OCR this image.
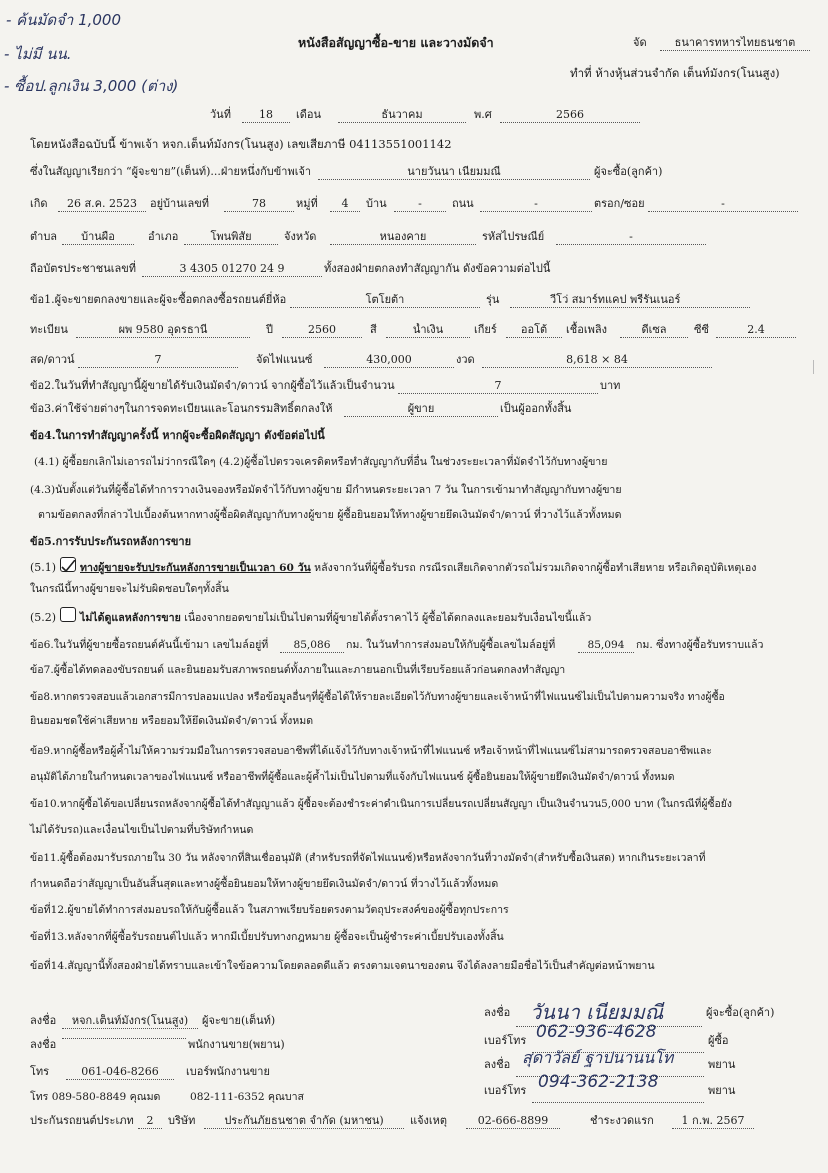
- ค้นมัดจำ 1,000
- ไม่มี นน.
- ซื้อป.ลูกเงิน 3,000 (ต่าง)
หนังสือสัญญาซื้อ-ขาย และวางมัดจำ	จัด	ธนาคารทหารไทยธนชาต
ทำที่ ห้างหุ้นส่วนจำกัด เต็นท์มังกร(โนนสูง)
วันที่	18	เดือน	ธันวาคม	พ.ศ	2566
โดยหนังสือฉบับนี้ ข้าพเจ้า หจก.เต็นท์มังกร(โนนสูง) เลขเสียภาษี 04113551001142
ซึ่งในสัญญาเรียกว่า “ผู้จะขาย”(เต็นท์)...ฝ่ายหนึ่งกับข้าพเจ้า	นายวันนา เนียมมณี	ผู้จะซื้อ(ลูกค้า)
เกิด	26 ส.ค. 2523	อยู่บ้านเลขที่	78	หมู่ที่	4	บ้าน	-	ถนน	-	ตรอก/ซอย	-
ตำบล	บ้านผือ	อำเภอ	โพนพิสัย	จังหวัด	หนองคาย	รหัสไปรษณีย์	-
ถือบัตรประชาชนเลขที่	3 4305 01270 24 9	ทั้งสองฝ่ายตกลงทำสัญญากัน ดังข้อความต่อไปนี้
ข้อ1.ผู้จะขายตกลงขายและผู้จะซื้อตกลงซื้อรถยนต์ยี่ห้อ	โตโยต้า	รุ่น	วีโว่ สมาร์ทแคป พรีรันเนอร์
ทะเบียน	ผพ 9580 อุดรธานี	ปี	2560	สี	น้ำเงิน	เกียร์	ออโต้	เชื้อเพลิง	ดีเซล	ซีซี	2.4
สด/ดาวน์	7	จัดไฟแนนซ์	430,000	งวด	8,618 × 84
ข้อ2.ในวันที่ทำสัญญานี้ผู้ขายได้รับเงินมัดจำ/ดาวน์ จากผู้ซื้อไว้แล้วเป็นจำนวน	7	บาท
ข้อ3.ค่าใช้จ่ายต่างๆในการจดทะเบียนและโอนกรรมสิทธิ์ตกลงให้	ผู้ขาย	เป็นผู้ออกทั้งสิ้น
ข้อ4.ในการทำสัญญาครั้งนี้ หากผู้จะซื้อผิดสัญญา ดังข้อต่อไปนี้
(4.1) ผู้ซื้อยกเลิกไม่เอารถไม่ว่ากรณีใดๆ (4.2)ผู้ซื้อไปตรวจเครดิตหรือทำสัญญากับที่อื่น ในช่วงระยะเวลาที่มัดจำไว้กับทางผู้ขาย
(4.3)นับตั้งแต่วันที่ผู้ซื้อได้ทำการวางเงินจองหรือมัดจำไว้กับทางผู้ขาย มีกำหนดระยะเวลา 7 วัน ในการเข้ามาทำสัญญากับทางผู้ขาย
ตามข้อตกลงที่กล่าวไปเบื้องต้นหากทางผู้ซื้อผิดสัญญากับทางผู้ขาย ผู้ซื้อยินยอมให้ทางผู้ขายยึดเงินมัดจำ/ดาวน์ ที่วางไว้แล้วทั้งหมด
ข้อ5.การรับประกันรถหลังการขาย
(5.1) ทางผู้ขายจะรับประกันหลังการขายเป็นเวลา 60 วัน หลังจากวันที่ผู้ซื้อรับรถ กรณีรถเสียเกิดจากตัวรถไม่รวมเกิดจากผู้ซื้อทำเสียหาย หรือเกิดอุบัติเหตุเอง
ในกรณีนี้ทางผู้ขายจะไม่รับผิดชอบใดๆทั้งสิ้น
(5.2) ไม่ได้ดูแลหลังการขาย เนื่องจากยอดขายไม่เป็นไปตามที่ผู้ขายได้ตั้งราคาไว้ ผู้ซื้อได้ตกลงและยอมรับเงื่อนไขนี้แล้ว
ข้อ6.ในวันที่ผู้ขายซื้อรถยนต์คันนี้เข้ามา เลขไมล์อยู่ที่	85,086	กม. ในวันทำการส่งมอบให้กับผู้ซื้อเลขไมล์อยู่ที่	85,094	กม. ซึ่งทางผู้ซื้อรับทราบแล้ว
ข้อ7.ผู้ซื้อได้ทดลองขับรถยนต์ และยินยอมรับสภาพรถยนต์ทั้งภายในและภายนอกเป็นที่เรียบร้อยแล้วก่อนตกลงทำสัญญา
ข้อ8.หากตรวจสอบแล้วเอกสารมีการปลอมแปลง หรือข้อมูลอื่นๆที่ผู้ซื้อได้ให้รายละเอียดไว้กับทางผู้ขายและเจ้าหน้าที่ไฟแนนซ์ไม่เป็นไปตามความจริง ทางผู้ซื้อ
ยินยอมชดใช้ค่าเสียหาย หรือยอมให้ยึดเงินมัดจำ/ดาวน์ ทั้งหมด
ข้อ9.หากผู้ซื้อหรือผู้ค้ำไม่ให้ความร่วมมือในการตรวจสอบอาชีพที่ได้แจ้งไว้กับทางเจ้าหน้าที่ไฟแนนซ์ หรือเจ้าหน้าที่ไฟแนนซ์ไม่สามารถตรวจสอบอาชีพและ
อนุมัติได้ภายในกำหนดเวลาของไฟแนนซ์ หรืออาชีพที่ผู้ซื้อและผู้ค้ำไม่เป็นไปตามที่แจ้งกับไฟแนนซ์ ผู้ซื้อยินยอมให้ผู้ขายยึดเงินมัดจำ/ดาวน์ ทั้งหมด
ข้อ10.หากผู้ซื้อได้ขอเปลี่ยนรถหลังจากผู้ซื้อได้ทำสัญญาแล้ว ผู้ซื้อจะต้องชำระค่าดำเนินการเปลี่ยนรถเปลี่ยนสัญญา เป็นเงินจำนวน5,000 บาท (ในกรณีที่ผู้ซื้อยัง
ไม่ได้รับรถ)และเงื่อนไขเป็นไปตามที่บริษัทกำหนด
ข้อ11.ผู้ซื้อต้องมารับรถภายใน 30 วัน หลังจากที่สินเชื่ออนุมัติ (สำหรับรถที่จัดไฟแนนซ์)หรือหลังจากวันที่วางมัดจำ(สำหรับซื้อเงินสด) หากเกินระยะเวลาที่
กำหนดถือว่าสัญญาเป็นอันสิ้นสุดและทางผู้ซื้อยินยอมให้ทางผู้ขายยึดเงินมัดจำ/ดาวน์ ที่วางไว้แล้วทั้งหมด
ข้อที่12.ผู้ขายได้ทำการส่งมอบรถให้กับผู้ซื้อแล้ว ในสภาพเรียบร้อยตรงตามวัตถุประสงค์ของผู้ซื้อทุกประการ
ข้อที่13.หลังจากที่ผู้ซื้อรับรถยนต์ไปแล้ว หากมีเบี้ยปรับทางกฎหมาย ผู้ซื้อจะเป็นผู้ชำระค่าเบี้ยปรับเองทั้งสิ้น
ข้อที่14.สัญญานี้ทั้งสองฝ่ายได้ทราบและเข้าใจข้อความโดยตลอดดีแล้ว ตรงตามเจตนาของตน จึงได้ลงลายมือชื่อไว้เป็นสำคัญต่อหน้าพยาน
ลงชื่อ	หจก.เต็นท์มังกร(โนนสูง)	ผู้จะขาย(เต็นท์)
ลงชื่อ	พนักงานขาย(พยาน)
โทร	061-046-8266	เบอร์พนักงานขาย
โทร 089-580-8849 คุณมด	082-111-6352 คุณบาส
ลงชื่อ วันนา เนียมมณี	ผู้จะซื้อ(ลูกค้า)
เบอร์โทร 062-936-4628	ผู้ซื้อ
ลงชื่อ สุดาวัลย์ ฐาปนานนโท	พยาน
เบอร์โทร 094-362-2138	พยาน
ประกันรถยนต์ประเภท	2	บริษัท	ประกันภัยธนชาต จำกัด (มหาชน)	แจ้งเหตุ	02-666-8899	ชำระงวดแรก	1 ก.พ. 2567
